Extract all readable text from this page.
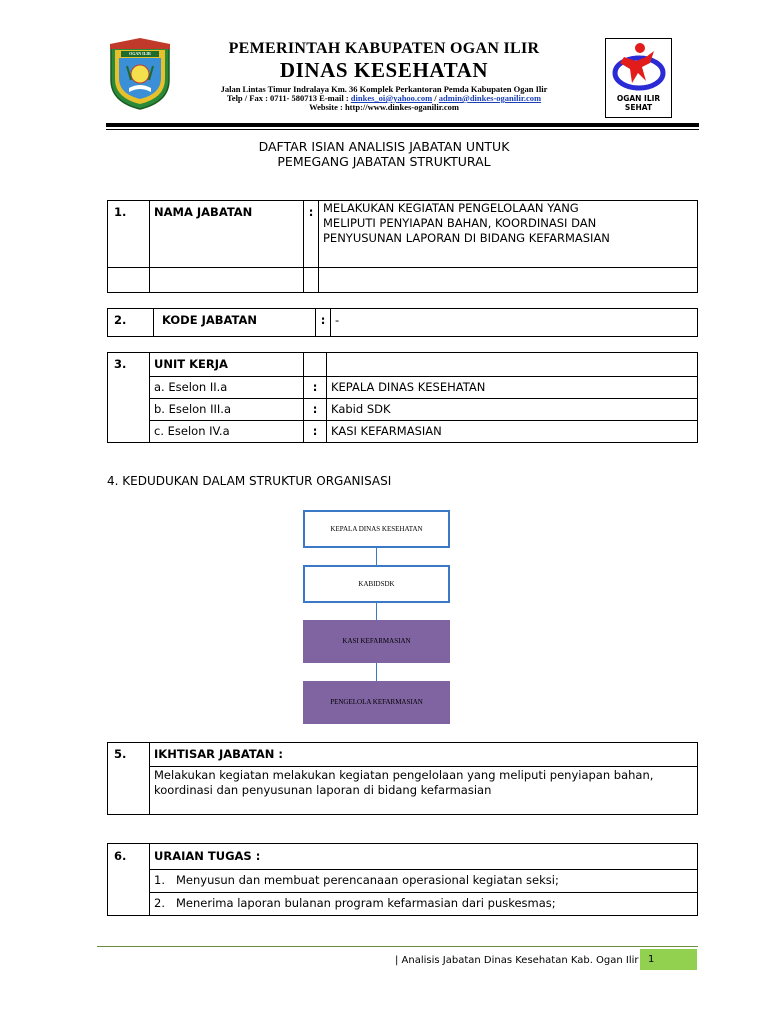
OGAN ILIR
OGAN ILIR
SEHAT
PEMERINTAH KABUPATEN OGAN ILIR
DINAS KESEHATAN
Jalan Lintas Timur Indralaya Km. 36 Komplek Perkantoran Pemda Kabupaten Ogan Ilir
Telp / Fax : 0711- 580713 E-mail : dinkes_oi@yahoo.com / admin@dinkes-oganilir.com
Website : http://www.dinkes-oganilir.com
DAFTAR ISIAN ANALISIS JABATAN UNTUK
PEMEGANG JABATAN STRUKTURAL
1.	NAMA JABATAN	:	MELAKUKAN KEGIATAN PENGELOLAAN YANG
MELIPUTI PENYIAPAN BAHAN, KOORDINASI DAN
PENYUSUNAN LAPORAN DI BIDANG KEFARMASIAN

2.	KODE JABATAN	:	-
3.	UNIT KERJA		
	a. Eselon II.a	:	KEPALA DINAS KESEHATAN
	b. Eselon III.a	:	Kabid SDK
	c. Eselon IV.a	:	KASI KEFARMASIAN
4. KEDUDUKAN DALAM STRUKTUR ORGANISASI
KEPALA DINAS KESEHATAN
KABIDSDK
KASI KEFARMASIAN
PENGELOLA KEFARMASIAN
5.	IKHTISAR JABATAN :

	Melakukan kegiatan melakukan kegiatan pengelolaan yang meliputi penyiapan bahan,
koordinasi dan penyusunan laporan di bidang kefarmasian
6.	URAIAN TUGAS :
	1. Menyusun dan membuat perencanaan operasional kegiatan seksi;
	2. Menerima laporan bulanan program kefarmasian dari puskesmas;
| Analisis Jabatan Dinas Kesehatan Kab. Ogan Ilir 1
